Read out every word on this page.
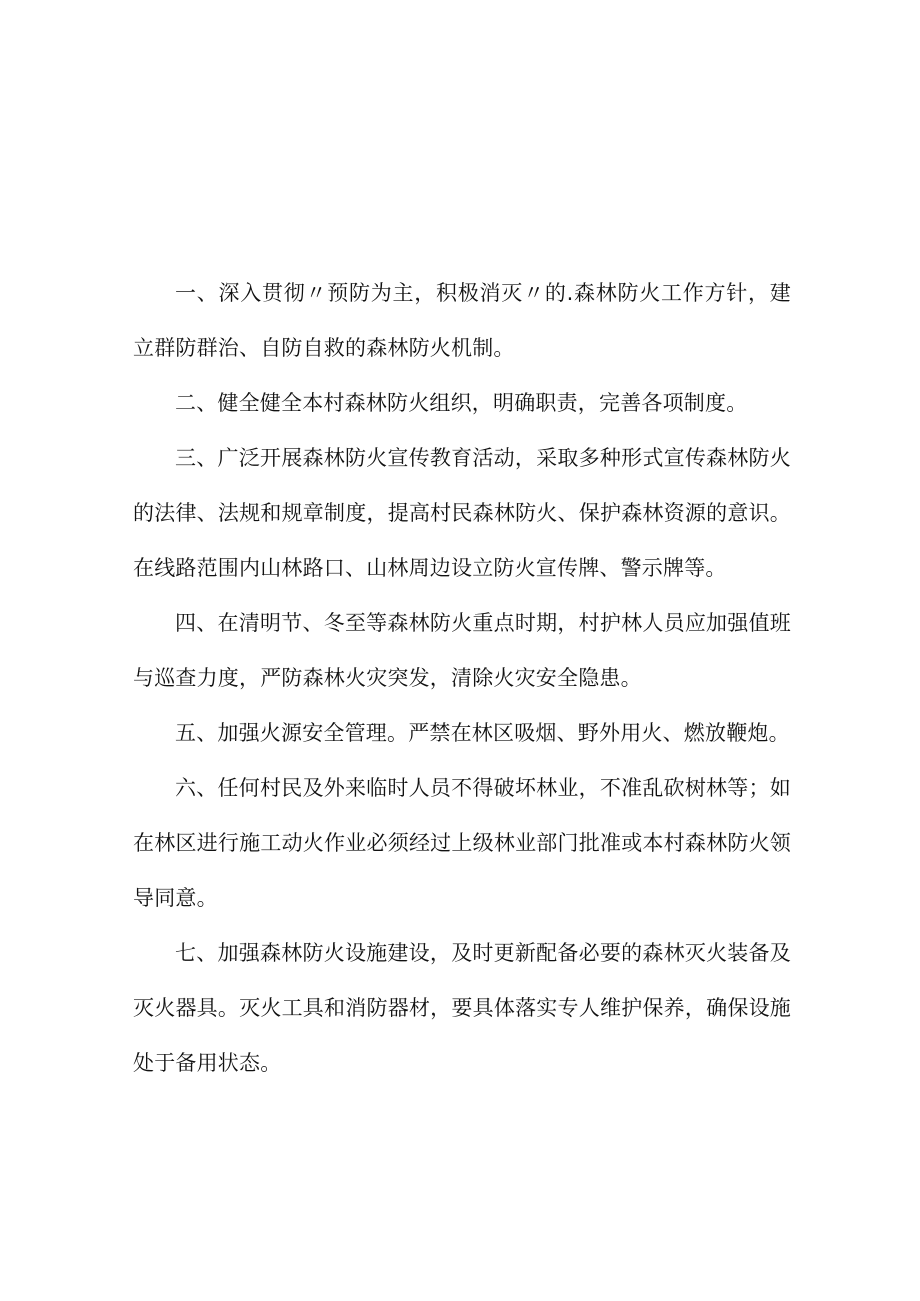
一、深入贯彻〃预防为主，积极消灭〃的.森林防火工作方针，建立群防群治、自防自救的森林防火机制。

二、健全健全本村森林防火组织，明确职责，完善各项制度。

三、广泛开展森林防火宣传教育活动，采取多种形式宣传森林防火的法律、法规和规章制度，提高村民森林防火、保护森林资源的意识。在线路范围内山林路口、山林周边设立防火宣传牌、警示牌等。

四、在清明节、冬至等森林防火重点时期，村护林人员应加强值班与巡查力度，严防森林火灾突发，清除火灾安全隐患。

五、加强火源安全管理。严禁在林区吸烟、野外用火、燃放鞭炮。

六、任何村民及外来临时人员不得破坏林业，不准乱砍树林等；如在林区进行施工动火作业必须经过上级林业部门批准或本村森林防火领导同意。

七、加强森林防火设施建设，及时更新配备必要的森林灭火装备及灭火器具。灭火工具和消防器材，要具体落实专人维护保养，确保设施处于备用状态。
